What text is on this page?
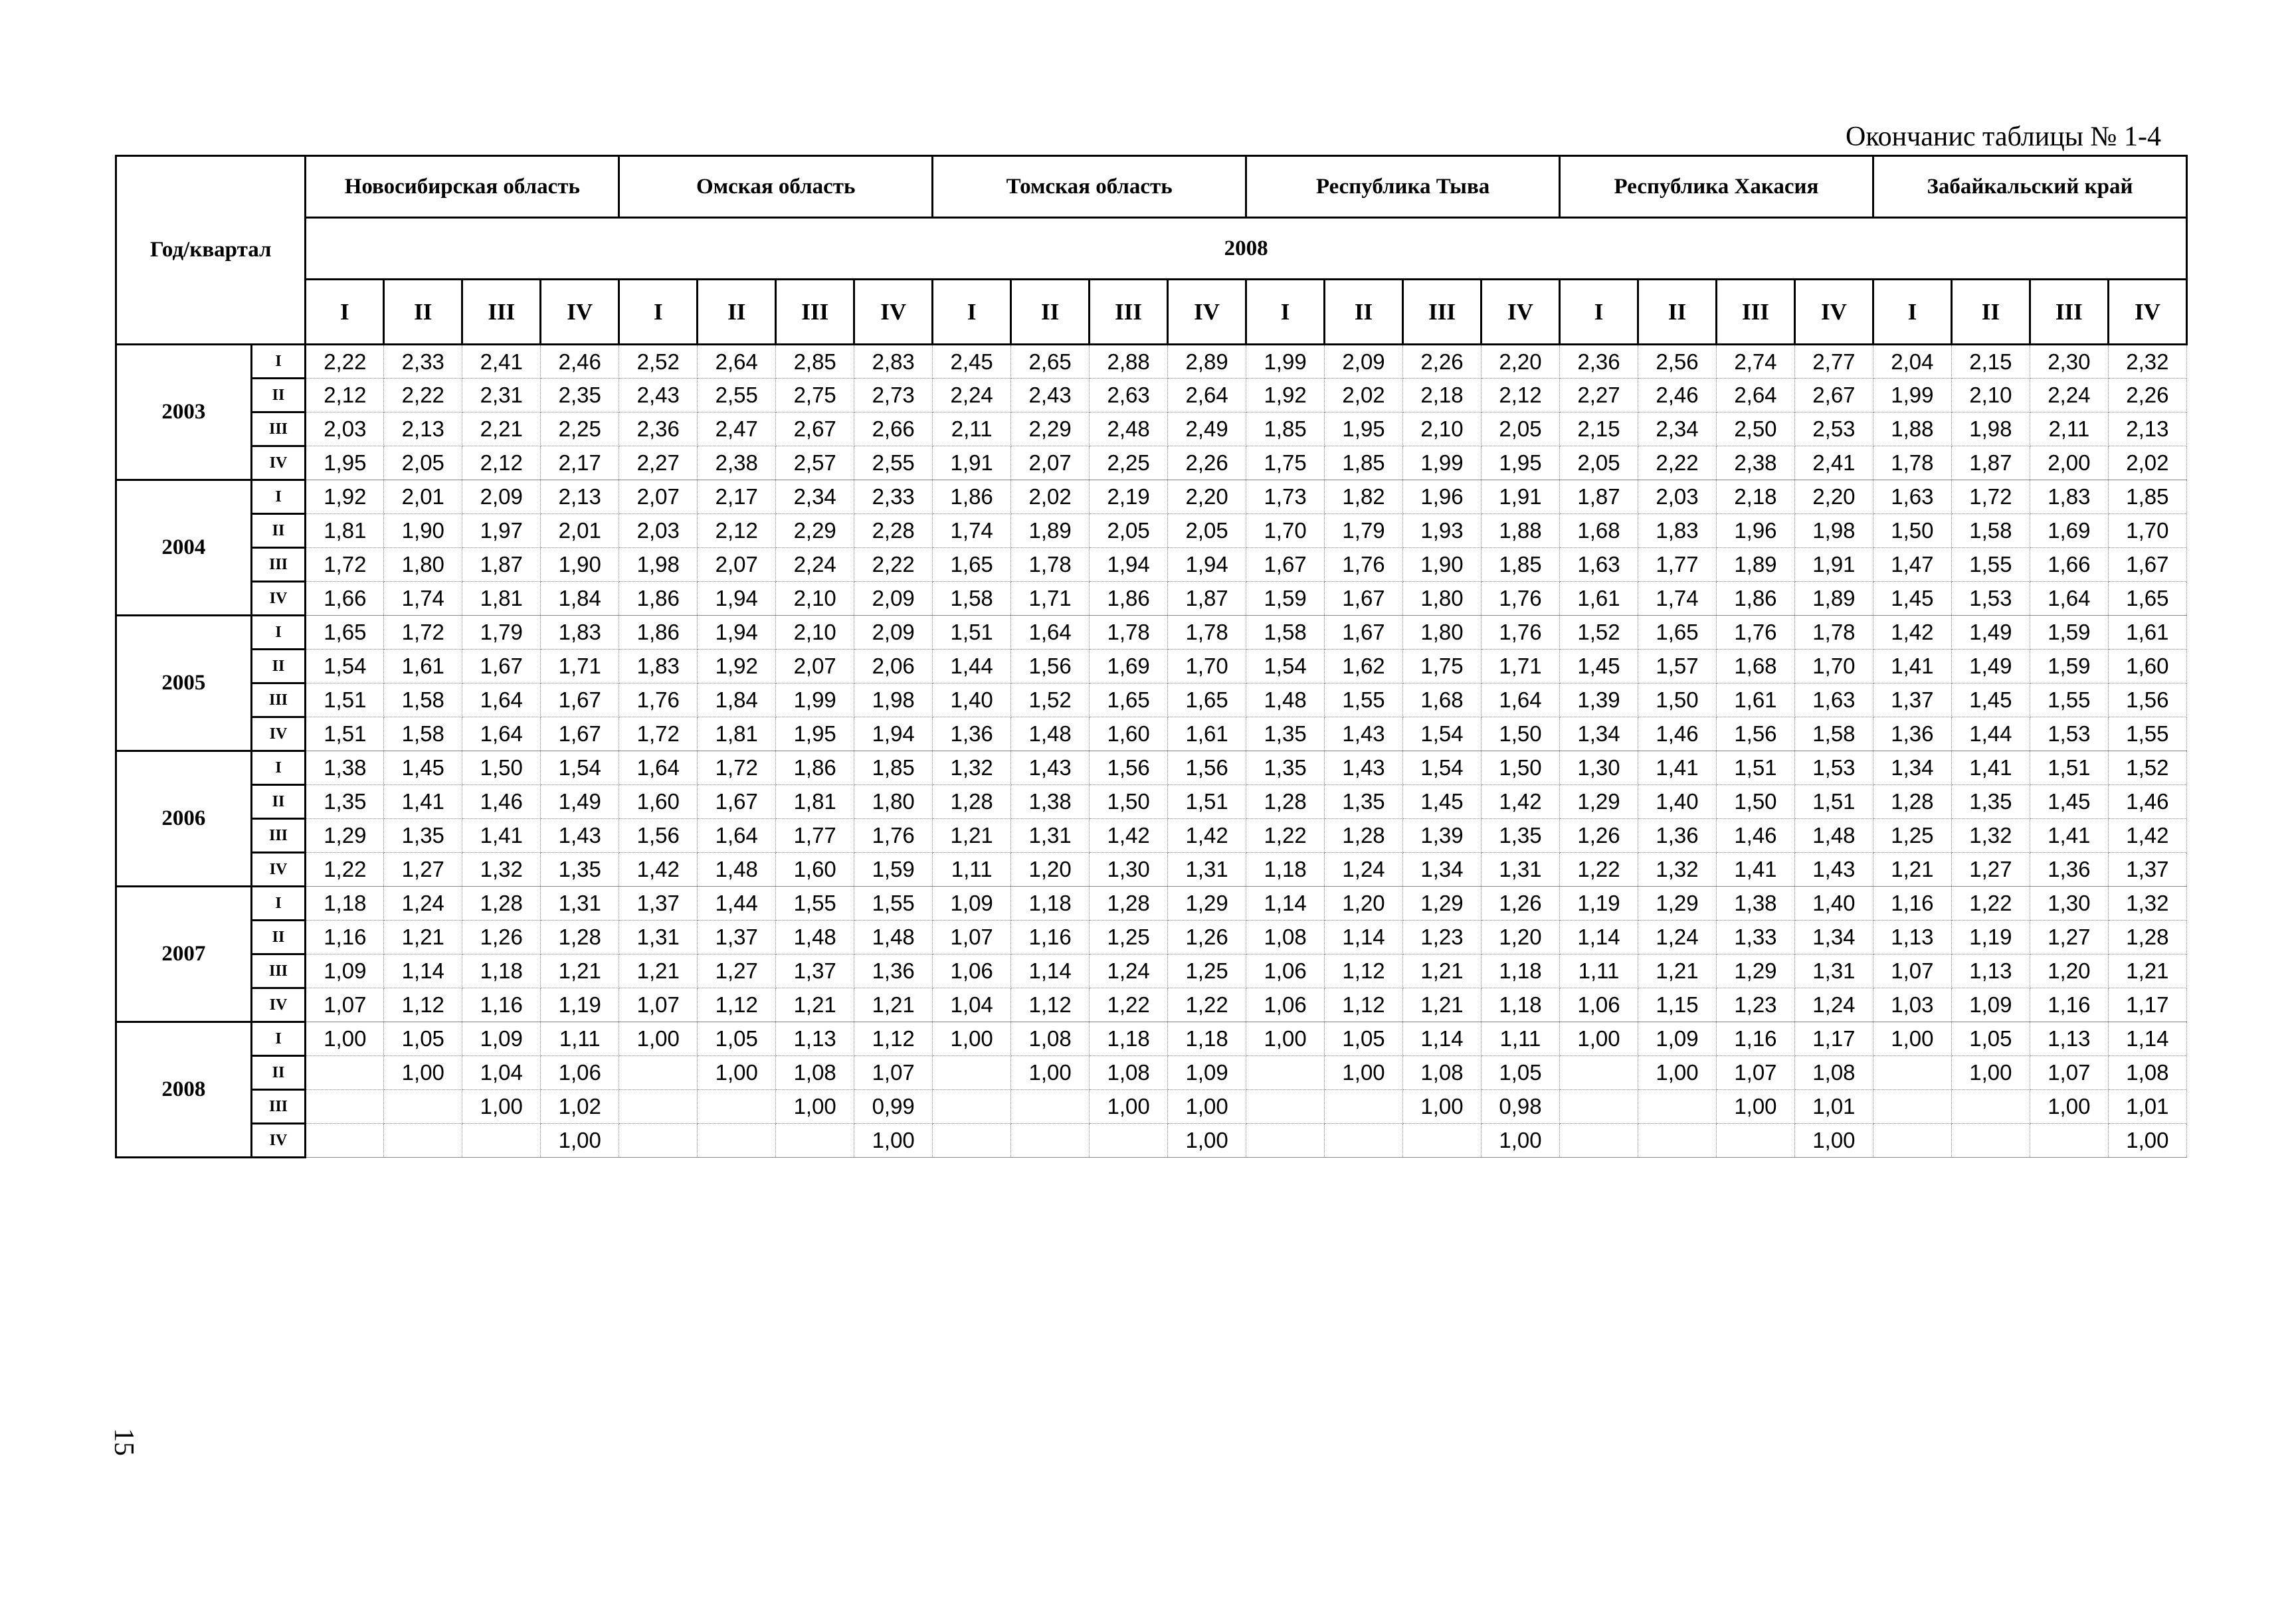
Окончанис таблицы № 1-4

Год/квартал		Новосибирская область				Омская область				Томская область				Республика Тыва				Республика Хакасия				Забайкальский край			
		2008																							
		I	II	III	IV	I	II	III	IV	I	II	III	IV	I	II	III	IV	I	II	III	IV	I	II	III	IV
2003	I	2,22	2,33	2,41	2,46	2,52	2,64	2,85	2,83	2,45	2,65	2,88	2,89	1,99	2,09	2,26	2,20	2,36	2,56	2,74	2,77	2,04	2,15	2,30	2,32
	II	2,12	2,22	2,31	2,35	2,43	2,55	2,75	2,73	2,24	2,43	2,63	2,64	1,92	2,02	2,18	2,12	2,27	2,46	2,64	2,67	1,99	2,10	2,24	2,26
	III	2,03	2,13	2,21	2,25	2,36	2,47	2,67	2,66	2,11	2,29	2,48	2,49	1,85	1,95	2,10	2,05	2,15	2,34	2,50	2,53	1,88	1,98	2,11	2,13
	IV	1,95	2,05	2,12	2,17	2,27	2,38	2,57	2,55	1,91	2,07	2,25	2,26	1,75	1,85	1,99	1,95	2,05	2,22	2,38	2,41	1,78	1,87	2,00	2,02
2004	I	1,92	2,01	2,09	2,13	2,07	2,17	2,34	2,33	1,86	2,02	2,19	2,20	1,73	1,82	1,96	1,91	1,87	2,03	2,18	2,20	1,63	1,72	1,83	1,85
	II	1,81	1,90	1,97	2,01	2,03	2,12	2,29	2,28	1,74	1,89	2,05	2,05	1,70	1,79	1,93	1,88	1,68	1,83	1,96	1,98	1,50	1,58	1,69	1,70
	III	1,72	1,80	1,87	1,90	1,98	2,07	2,24	2,22	1,65	1,78	1,94	1,94	1,67	1,76	1,90	1,85	1,63	1,77	1,89	1,91	1,47	1,55	1,66	1,67
	IV	1,66	1,74	1,81	1,84	1,86	1,94	2,10	2,09	1,58	1,71	1,86	1,87	1,59	1,67	1,80	1,76	1,61	1,74	1,86	1,89	1,45	1,53	1,64	1,65
2005	I	1,65	1,72	1,79	1,83	1,86	1,94	2,10	2,09	1,51	1,64	1,78	1,78	1,58	1,67	1,80	1,76	1,52	1,65	1,76	1,78	1,42	1,49	1,59	1,61
	II	1,54	1,61	1,67	1,71	1,83	1,92	2,07	2,06	1,44	1,56	1,69	1,70	1,54	1,62	1,75	1,71	1,45	1,57	1,68	1,70	1,41	1,49	1,59	1,60
	III	1,51	1,58	1,64	1,67	1,76	1,84	1,99	1,98	1,40	1,52	1,65	1,65	1,48	1,55	1,68	1,64	1,39	1,50	1,61	1,63	1,37	1,45	1,55	1,56
	IV	1,51	1,58	1,64	1,67	1,72	1,81	1,95	1,94	1,36	1,48	1,60	1,61	1,35	1,43	1,54	1,50	1,34	1,46	1,56	1,58	1,36	1,44	1,53	1,55
2006	I	1,38	1,45	1,50	1,54	1,64	1,72	1,86	1,85	1,32	1,43	1,56	1,56	1,35	1,43	1,54	1,50	1,30	1,41	1,51	1,53	1,34	1,41	1,51	1,52
	II	1,35	1,41	1,46	1,49	1,60	1,67	1,81	1,80	1,28	1,38	1,50	1,51	1,28	1,35	1,45	1,42	1,29	1,40	1,50	1,51	1,28	1,35	1,45	1,46
	III	1,29	1,35	1,41	1,43	1,56	1,64	1,77	1,76	1,21	1,31	1,42	1,42	1,22	1,28	1,39	1,35	1,26	1,36	1,46	1,48	1,25	1,32	1,41	1,42
	IV	1,22	1,27	1,32	1,35	1,42	1,48	1,60	1,59	1,11	1,20	1,30	1,31	1,18	1,24	1,34	1,31	1,22	1,32	1,41	1,43	1,21	1,27	1,36	1,37
2007	I	1,18	1,24	1,28	1,31	1,37	1,44	1,55	1,55	1,09	1,18	1,28	1,29	1,14	1,20	1,29	1,26	1,19	1,29	1,38	1,40	1,16	1,22	1,30	1,32
	II	1,16	1,21	1,26	1,28	1,31	1,37	1,48	1,48	1,07	1,16	1,25	1,26	1,08	1,14	1,23	1,20	1,14	1,24	1,33	1,34	1,13	1,19	1,27	1,28
	III	1,09	1,14	1,18	1,21	1,21	1,27	1,37	1,36	1,06	1,14	1,24	1,25	1,06	1,12	1,21	1,18	1,11	1,21	1,29	1,31	1,07	1,13	1,20	1,21
	IV	1,07	1,12	1,16	1,19	1,07	1,12	1,21	1,21	1,04	1,12	1,22	1,22	1,06	1,12	1,21	1,18	1,06	1,15	1,23	1,24	1,03	1,09	1,16	1,17
2008	I	1,00	1,05	1,09	1,11	1,00	1,05	1,13	1,12	1,00	1,08	1,18	1,18	1,00	1,05	1,14	1,11	1,00	1,09	1,16	1,17	1,00	1,05	1,13	1,14
	II		1,00	1,04	1,06		1,00	1,08	1,07		1,00	1,08	1,09		1,00	1,08	1,05		1,00	1,07	1,08		1,00	1,07	1,08
	III			1,00	1,02			1,00	0,99			1,00	1,00			1,00	0,98			1,00	1,01			1,00	1,01
	IV				1,00				1,00				1,00				1,00				1,00				1,00

15
